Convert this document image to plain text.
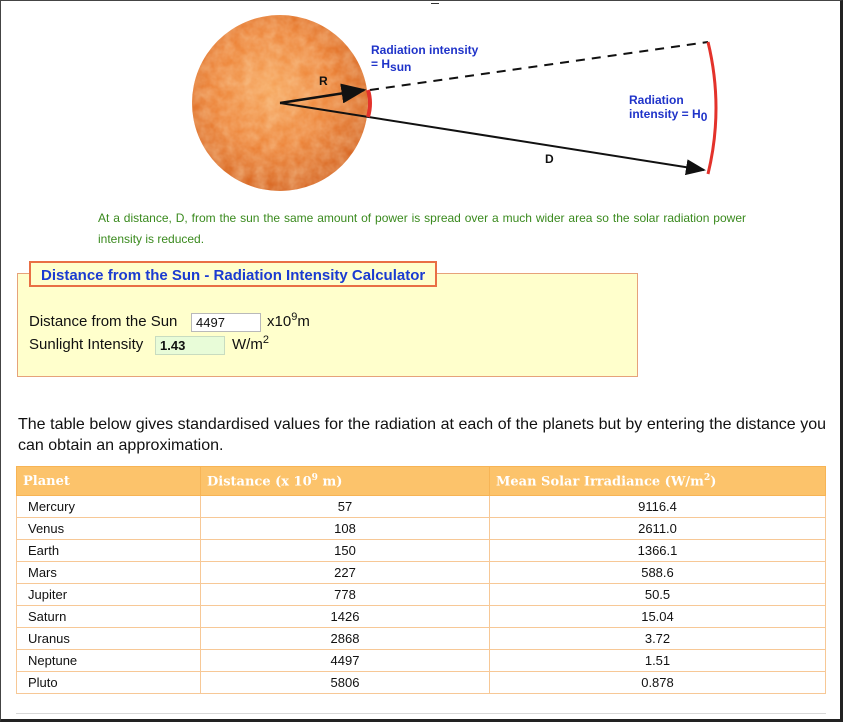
R
D
Radiation intensity
= Hsun
Radiation
intensity = H0
At a distance, D, from the sun the same amount of power is spread over a much wider area so the solar radiation power intensity is reduced.
Distance from the Sun - Radiation Intensity Calculator
Distance from the Sun	4497	$x10^9m$
Sunlight Intensity	1.43	$W/m^2$
The table below gives standardised values for the radiation at each of the planets but by entering the distance you can obtain an approximation.
Planet	Distance (x $10^9$ m)	Mean Solar Irradiance $(W/m^2)$
Mercury	57	9116.4
Venus	108	2611.0
Earth	150	1366.1
Mars	227	588.6
Jupiter	778	50.5
Saturn	1426	15.04
Uranus	2868	3.72
Neptune	4497	1.51
Pluto	5806	0.878
